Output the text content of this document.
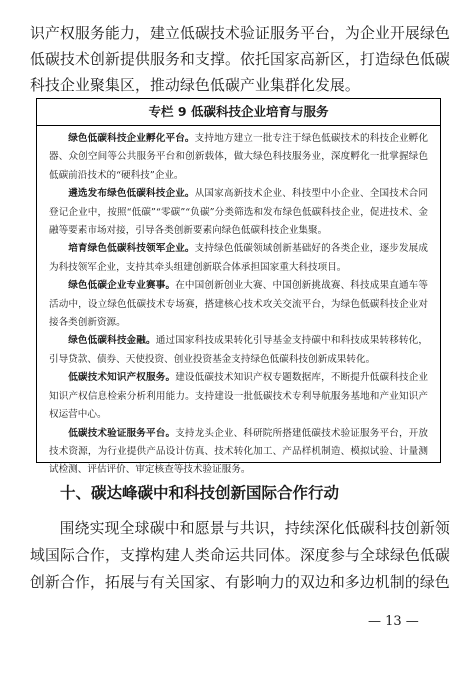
识产权服务能力，建立低碳技术验证服务平台，为企业开展绿色低碳技术创新提供服务和支撑。依托国家高新区，打造绿色低碳科技企业聚集区，推动绿色低碳产业集群化发展。

专栏 9 低碳科技企业培育与服务

绿色低碳科技企业孵化平台。支持地方建立一批专注于绿色低碳技术的科技企业孵化器、众创空间等公共服务平台和创新载体，做大绿色科技服务业，深度孵化一批掌握绿色低碳前沿技术的“硬科技”企业。

遴选发布绿色低碳科技企业。从国家高新技术企业、科技型中小企业、全国技术合同登记企业中，按照“低碳”“零碳”“负碳”分类筛选和发布绿色低碳科技企业，促进技术、金融等要素市场对接，引导各类创新要素向绿色低碳科技企业集聚。

培育绿色低碳科技领军企业。支持绿色低碳领域创新基础好的各类企业，逐步发展成为科技领军企业，支持其牵头组建创新联合体承担国家重大科技项目。

绿色低碳企业专业赛事。在中国创新创业大赛、中国创新挑战赛、科技成果直通车等活动中，设立绿色低碳技术专场赛，搭建核心技术攻关交流平台，为绿色低碳科技企业对接各类创新资源。

绿色低碳科技金融。通过国家科技成果转化引导基金支持碳中和科技成果转移转化，引导贷款、债券、天使投资、创业投资基金支持绿色低碳科技创新成果转化。

低碳技术知识产权服务。建设低碳技术知识产权专题数据库，不断提升低碳科技企业知识产权信息检索分析利用能力。支持建设一批低碳技术专利导航服务基地和产业知识产权运营中心。

低碳技术验证服务平台。支持龙头企业、科研院所搭建低碳技术验证服务平台，开放技术资源，为行业提供产品设计仿真、技术转化加工、产品样机制造、模拟试验、计量测试检测、评估评价、审定核查等技术验证服务。

十、碳达峰碳中和科技创新国际合作行动

围绕实现全球碳中和愿景与共识，持续深化低碳科技创新领域国际合作，支撑构建人类命运共同体。深度参与全球绿色低碳创新合作，拓展与有关国家、有影响力的双边和多边机制的绿色

— 13 —
